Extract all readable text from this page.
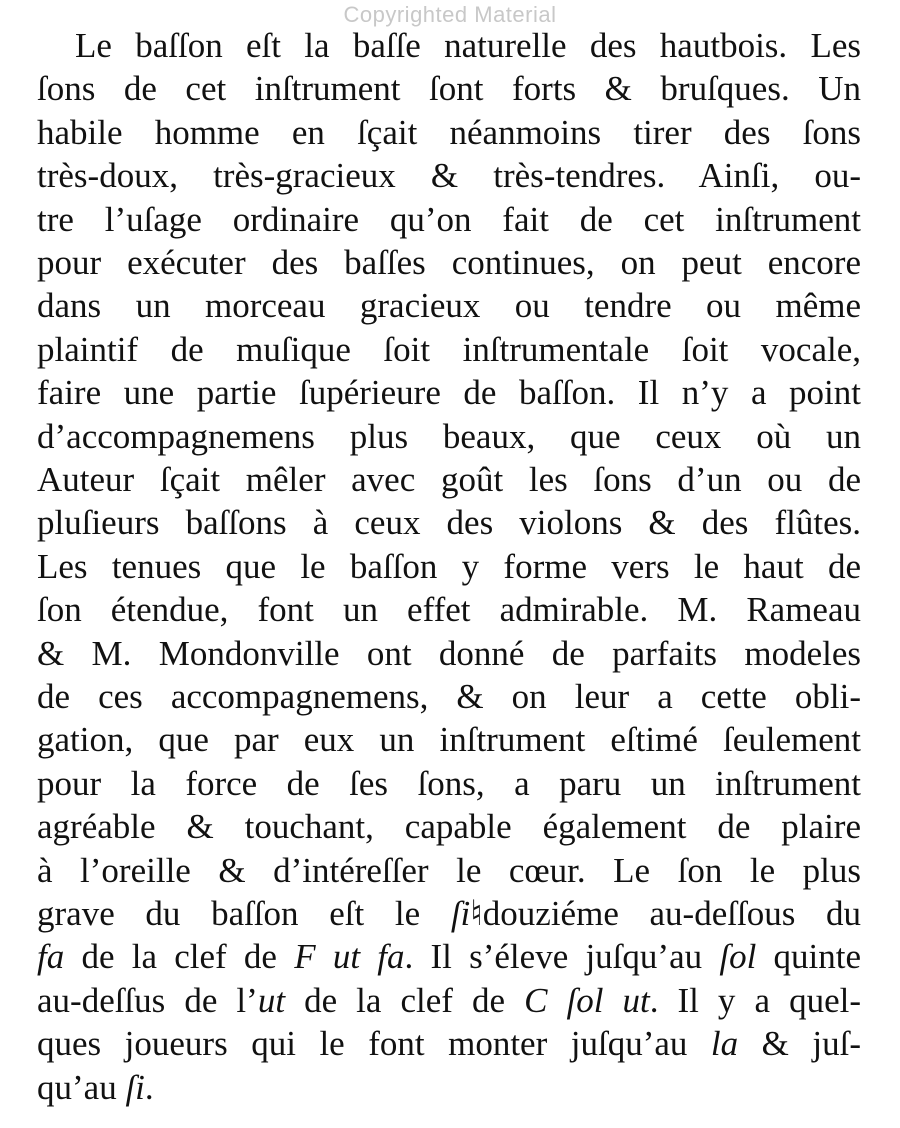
Copyrighted Material
Le baſſon eſt la baſſe naturelle des hautbois. Les
ſons de cet inſtrument ſont forts & bruſques. Un
habile homme en ſçait néanmoins tirer des ſons
très-doux, très-gracieux & très-tendres. Ainſi, ou-
tre l’uſage ordinaire qu’on fait de cet inſtrument
pour exécuter des baſſes continues, on peut encore
dans un morceau gracieux ou tendre ou même
plaintif de muſique ſoit inſtrumentale ſoit vocale,
faire une partie ſupérieure de baſſon. Il n’y a point
d’accompagnemens plus beaux, que ceux où un
Auteur ſçait mêler avec goût les ſons d’un ou de
pluſieurs baſſons à ceux des violons & des flûtes.
Les tenues que le baſſon y forme vers le haut de
ſon étendue, font un effet admirable. M. Rameau
& M. Mondonville ont donné de parfaits modeles
de ces accompagnemens, & on leur a cette obli-
gation, que par eux un inſtrument eſtimé ſeulement
pour la force de ſes ſons, a paru un inſtrument
agréable & touchant, capable également de plaire
à l’oreille & d’intéreſſer le cœur. Le ſon le plus
grave du baſſon eſt le ſi♮douziéme au-deſſous du
fa de la clef de F ut fa. Il s’éleve juſqu’au ſol quinte
au-deſſus de l’ut de la clef de C ſol ut. Il y a quel-
ques joueurs qui le font monter juſqu’au la & juſ-
qu’au ſi.
